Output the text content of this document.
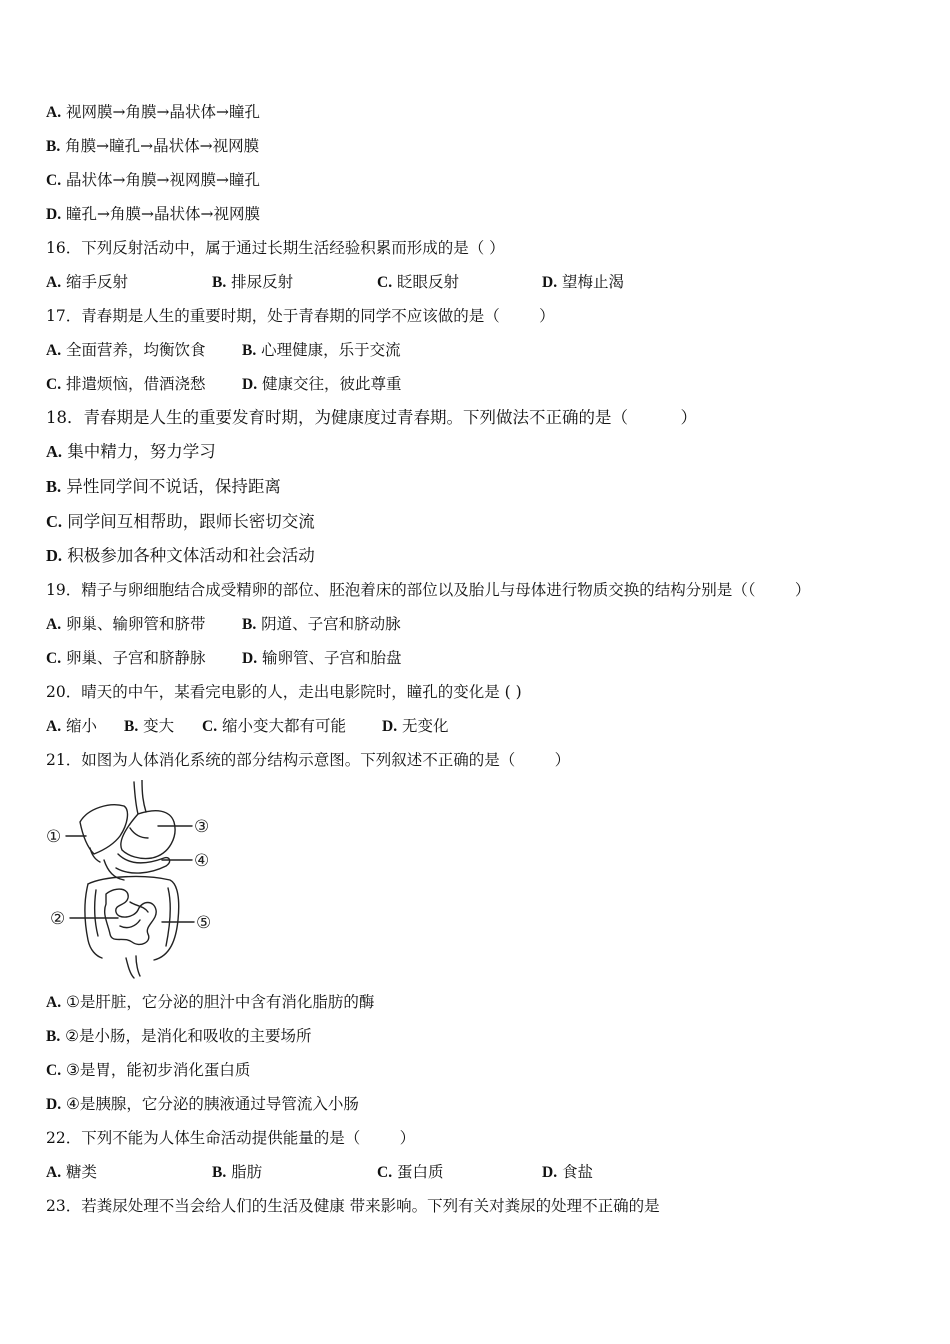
A. 视网膜→角膜→晶状体→瞳孔
B. 角膜→瞳孔→晶状体→视网膜
C. 晶状体→角膜→视网膜→瞳孔
D. 瞳孔→角膜→晶状体→视网膜
16．下列反射活动中，属于通过长期生活经验积累而形成的是（ ）

A. 缩手反射

	B. 排尿反射

	C. 眨眼反射

	D. 望梅止渴

17．青春期是人生的重要时期，处于青春期的同学不应该做的是（        ）

A. 全面营养，均衡饮食

B. 心理健康，乐于交流

C. 排遣烦恼，借酒浇愁

D. 健康交往，彼此尊重

18．青春期是人生的重要发育时期，为健康度过青春期。下列做法不正确的是（          ）
A. 集中精力，努力学习
B. 异性同学间不说话，保持距离
C. 同学间互相帮助，跟师长密切交流
D. 积极参加各种文体活动和社会活动
19．精子与卵细胞结合成受精卵的部位、胚泡着床的部位以及胎儿与母体进行物质交换的结构分别是（（        ）

A. 卵巢、输卵管和脐带

B. 阴道、子宫和脐动脉

C. 卵巢、子宫和脐静脉

D. 输卵管、子宫和胎盘

20．晴天的中午，某看完电影的人，走出电影院时，瞳孔的变化是 ( )

A. 缩小

B. 变大

C. 缩小变大都有可能

D. 无变化

21．如图为人体消化系统的部分结构示意图。下列叙述不正确的是（        ）
①
②
③
④
⑤
A. ①是肝脏，它分泌的胆汁中含有消化脂肪的酶
B. ②是小肠，是消化和吸收的主要场所
C. ③是胃，能初步消化蛋白质
D. ④是胰腺，它分泌的胰液通过导管流入小肠
22．下列不能为人体生命活动提供能量的是（        ）

A. 糖类

	B. 脂肪

	C. 蛋白质

	D. 食盐

23．若粪尿处理不当会给人们的生活及健康 带来影响。下列有关对粪尿的处理不正确的是
